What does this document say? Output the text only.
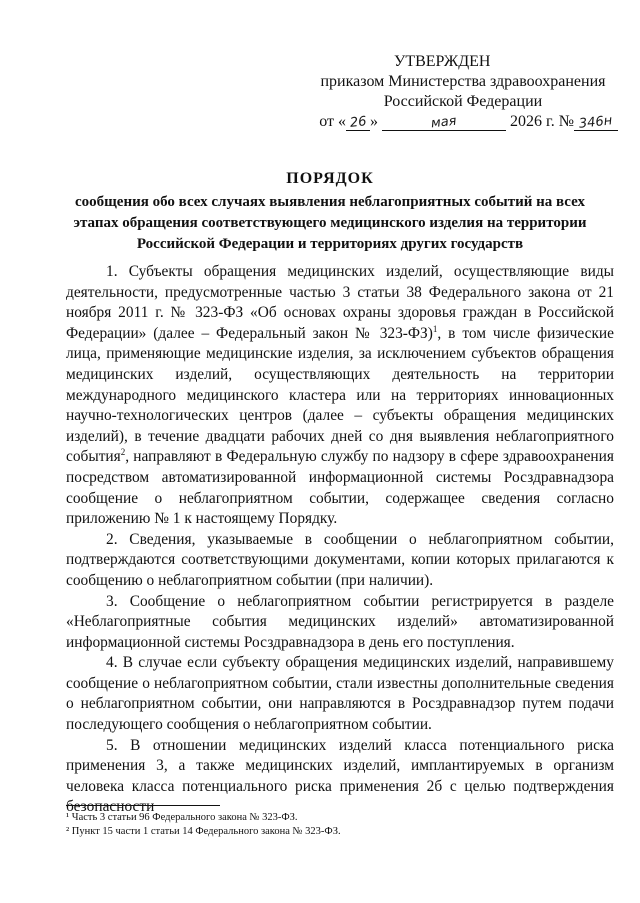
УТВЕРЖДЕН
приказом Министерства здравоохранения
Российской Федерации
от « 26 »	мая	2026 г. № 346н
ПОРЯДОК
сообщения обо всех случаях выявления неблагоприятных событий на всех этапах обращения соответствующего медицинского изделия на территории Российской Федерации и территориях других государств

1. Субъекты обращения медицинских изделий, осуществляющие виды деятельности, предусмотренные частью 3 статьи 38 Федерального закона от 21 ноября 2011 г. № 323-ФЗ «Об основах охраны здоровья граждан в Российской Федерации» (далее – Федеральный закон № 323-ФЗ)$^1$, в том числе физические лица, применяющие медицинские изделия, за исключением субъектов обращения медицинских изделий, осуществляющих деятельность на территории международного медицинского кластера или на территориях инновационных научно-технологических центров (далее – субъекты обращения медицинских изделий), в течение двадцати рабочих дней со дня выявления неблагоприятного события$^2$, направляют в Федеральную службу по надзору в сфере здравоохранения посредством автоматизированной информационной системы Росздравнадзора сообщение о неблагоприятном событии, содержащее сведения согласно приложению № 1 к настоящему Порядку.

2. Сведения, указываемые в сообщении о неблагоприятном событии, подтверждаются соответствующими документами, копии которых прилагаются к сообщению о неблагоприятном событии (при наличии).

3. Сообщение о неблагоприятном событии регистрируется в разделе «Неблагоприятные события медицинских изделий» автоматизированной информационной системы Росздравнадзора в день его поступления.

4. В случае если субъекту обращения медицинских изделий, направившему сообщение о неблагоприятном событии, стали известны дополнительные сведения о неблагоприятном событии, они направляются в Росздравнадзор путем подачи последующего сообщения о неблагоприятном событии.

5. В отношении медицинских изделий класса потенциального риска применения 3, а также медицинских изделий, имплантируемых в организм человека класса потенциального риска применения 2б с целью подтверждения безопасности

¹ Часть 3 статьи 96 Федерального закона № 323-ФЗ.
² Пункт 15 части 1 статьи 14 Федерального закона № 323-ФЗ.
